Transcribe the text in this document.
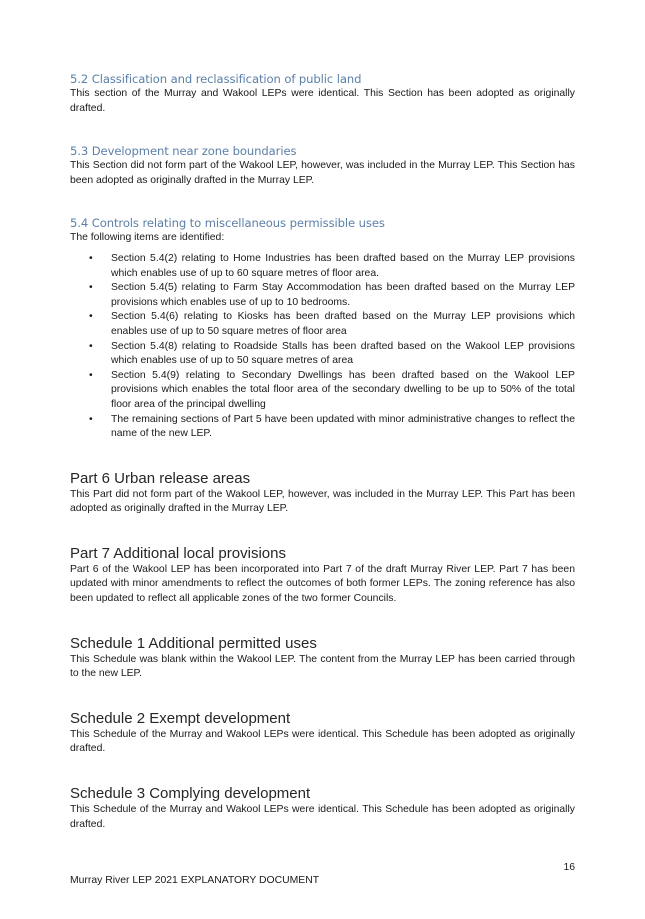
5.2 Classification and reclassification of public land

This section of the Murray and Wakool LEPs were identical. This Section has been adopted as originally drafted.

5.3 Development near zone boundaries

This Section did not form part of the Wakool LEP, however, was included in the Murray LEP. This Section has been adopted as originally drafted in the Murray LEP.

5.4 Controls relating to miscellaneous permissible uses

The following items are identified:

• Section 5.4(2) relating to Home Industries has been drafted based on the Murray LEP provisions which enables use of up to 60 square metres of floor area.
• Section 5.4(5) relating to Farm Stay Accommodation has been drafted based on the Murray LEP provisions which enables use of up to 10 bedrooms.
• Section 5.4(6) relating to Kiosks has been drafted based on the Murray LEP provisions which enables use of up to 50 square metres of floor area
• Section 5.4(8) relating to Roadside Stalls has been drafted based on the Wakool LEP provisions which enables use of up to 50 square metres of area
• Section 5.4(9) relating to Secondary Dwellings has been drafted based on the Wakool LEP provisions which enables the total floor area of the secondary dwelling to be up to 50% of the total floor area of the principal dwelling
• The remaining sections of Part 5 have been updated with minor administrative changes to reflect the name of the new LEP.

Part 6 Urban release areas

This Part did not form part of the Wakool LEP, however, was included in the Murray LEP. This Part has been adopted as originally drafted in the Murray LEP.

Part 7 Additional local provisions

Part 6 of the Wakool LEP has been incorporated into Part 7 of the draft Murray River LEP. Part 7 has been updated with minor amendments to reflect the outcomes of both former LEPs. The zoning reference has also been updated to reflect all applicable zones of the two former Councils.

Schedule 1 Additional permitted uses

This Schedule was blank within the Wakool LEP. The content from the Murray LEP has been carried through to the new LEP.

Schedule 2 Exempt development

This Schedule of the Murray and Wakool LEPs were identical. This Schedule has been adopted as originally drafted.

Schedule 3 Complying development

This Schedule of the Murray and Wakool LEPs were identical. This Schedule has been adopted as originally drafted.

16
Murray River LEP 2021 EXPLANATORY DOCUMENT
